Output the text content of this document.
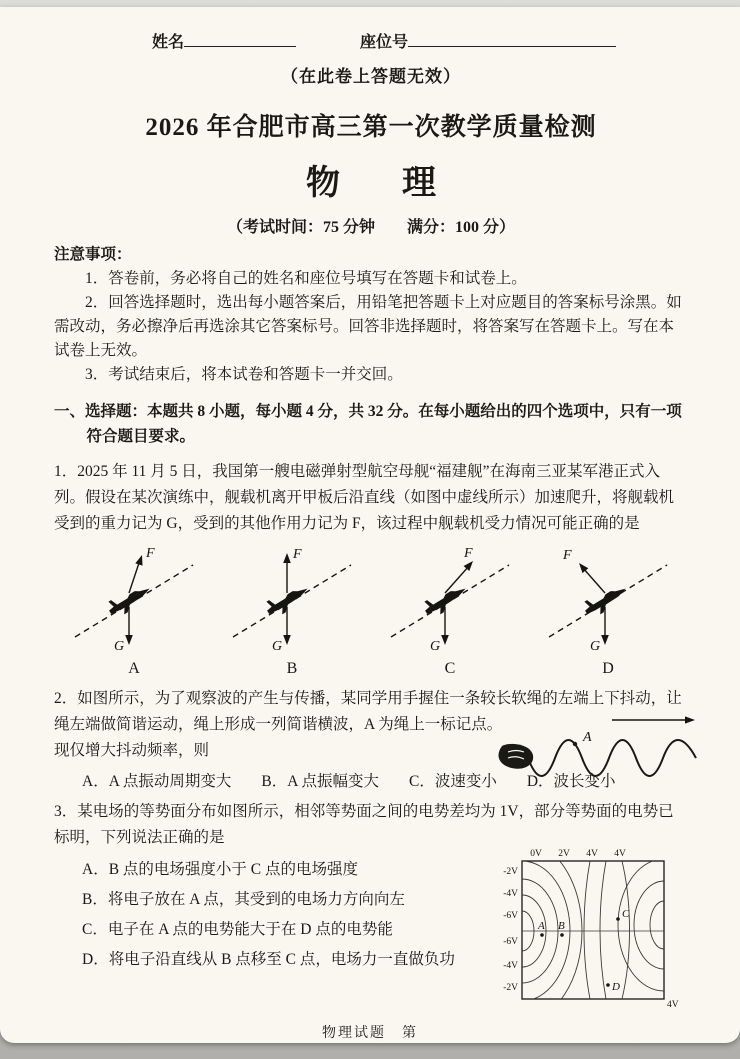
姓名	座位号
（在此卷上答题无效）
2026 年合肥市高三第一次教学质量检测
物　理
（考试时间：75 分钟　　满分：100 分）
注意事项：

1．答卷前，务必将自己的姓名和座位号填写在答题卡和试卷上。

2．回答选择题时，选出每小题答案后，用铅笔把答题卡上对应题目的答案标号涂黑。如需改动，务必擦净后再选涂其它答案标号。回答非选择题时，将答案写在答题卡上。写在本试卷上无效。

3．考试结束后，将本试卷和答题卡一并交回。

一、选择题：本题共 8 小题，每小题 4 分，共 32 分。在每小题给出的四个选项中，只有一项符合题目要求。

1．2025 年 11 月 5 日，我国第一艘电磁弹射型航空母舰“福建舰”在海南三亚某军港正式入列。假设在某次演练中，舰载机离开甲板后沿直线（如图中虚线所示）加速爬升，将舰载机受到的重力记为 G，受到的其他作用力记为 F，该过程中舰载机受力情况可能正确的是

F
G
A
F
G
B
F
G
C
F
G
D
2．如图所示，为了观察波的产生与传播，某同学用手握住一条较长软绳的左端上下抖动，让
绳左端做简谐运动，绳上形成一列简谐横波，A 为绳上一标记点。
现仅增大抖动频率，则
A
A．A 点振动周期变大 B．A 点振幅变大 C．波速变小 D．波长变小

3．某电场的等势面分布如图所示，相邻等势面之间的电势差均为 1V，部分等势面的电势已标明，下列说法正确的是

A．B 点的电场强度小于 C 点的电场强度
B．将电子放在 A 点，其受到的电场力方向向左
C．电子在 A 点的电势能大于在 D 点的电势能
D．将电子沿直线从 B 点移至 C 点，电场力一直做负功
0V 2V 4V 4V
-2V
-4V
-6V
-6V
-4V
-2V
A B
C
D
4V
物理试题　第
